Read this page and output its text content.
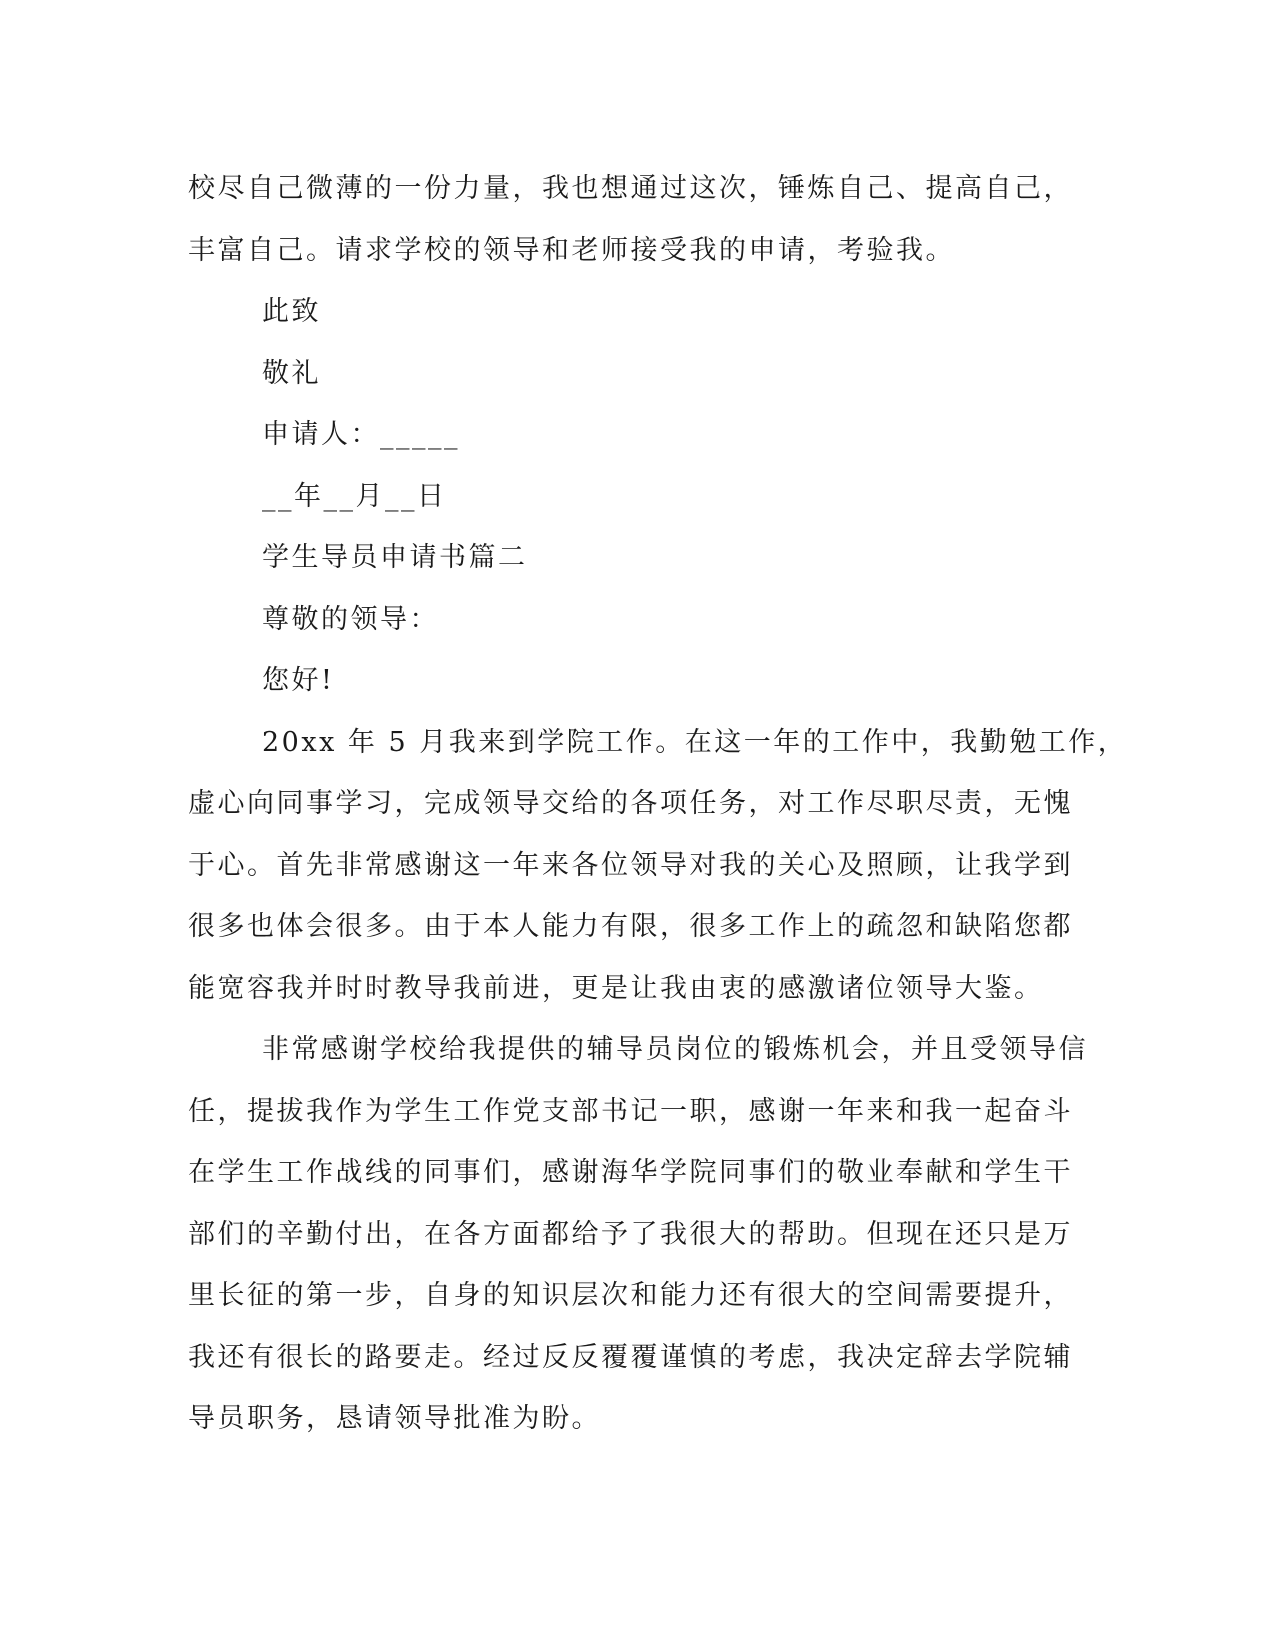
校尽自己微薄的一份力量，我也想通过这次，锤炼自己、提高自己，
丰富自己。请求学校的领导和老师接受我的申请，考验我。
此致
敬礼
申请人：_____
__年__月__日
学生导员申请书篇二
尊敬的领导：
您好!
20xx 年 5 月我来到学院工作。在这一年的工作中，我勤勉工作，
虚心向同事学习，完成领导交给的各项任务，对工作尽职尽责，无愧
于心。首先非常感谢这一年来各位领导对我的关心及照顾，让我学到
很多也体会很多。由于本人能力有限，很多工作上的疏忽和缺陷您都
能宽容我并时时教导我前进，更是让我由衷的感激诸位领导大鉴。
非常感谢学校给我提供的辅导员岗位的锻炼机会，并且受领导信
任，提拔我作为学生工作党支部书记一职，感谢一年来和我一起奋斗
在学生工作战线的同事们，感谢海华学院同事们的敬业奉献和学生干
部们的辛勤付出，在各方面都给予了我很大的帮助。但现在还只是万
里长征的第一步，自身的知识层次和能力还有很大的空间需要提升，
我还有很长的路要走。经过反反覆覆谨慎的考虑，我决定辞去学院辅
导员职务，恳请领导批准为盼。
